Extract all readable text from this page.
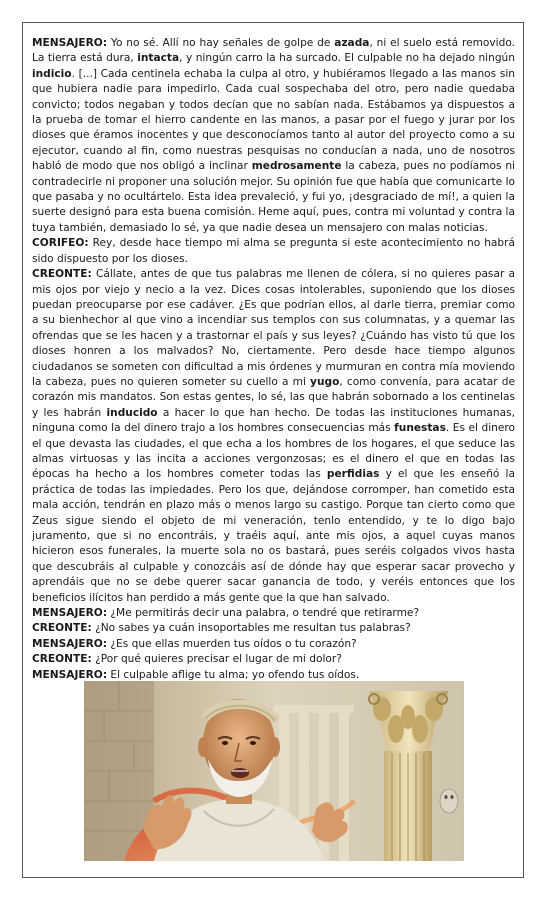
MENSAJERO: Yo no sé. Allí no hay señales de golpe de azada, ni el suelo está removido. La tierra está dura, intacta, y ningún carro la ha surcado. El culpable no ha dejado ningún indicio. [...] Cada centinela echaba la culpa al otro, y hubiéramos llegado a las manos sin que hubiera nadie para impedirlo. Cada cual sospechaba del otro, pero nadie quedaba convicto; todos negaban y todos decían que no sabían nada. Estábamos ya dispuestos a la prueba de tomar el hierro candente en las manos, a pasar por el fuego y jurar por los dioses que éramos inocentes y que desconocíamos tanto al autor del proyecto como a su ejecutor, cuando al fin, como nuestras pesquisas no conducían a nada, uno de nosotros habló de modo que nos obligó a inclinar medrosamente la cabeza, pues no podíamos ni contradecirle ni proponer una solución mejor. Su opinión fue que había que comunicarte lo que pasaba y no ocultártelo. Esta idea prevaleció, y fui yo, ¡desgraciado de mí!, a quien la suerte designó para esta buena comisión. Heme aquí, pues, contra mi voluntad y contra la tuya también, demasiado lo sé, ya que nadie desea un mensajero con malas noticias.

CORIFEO: Rey, desde hace tiempo mi alma se pregunta si este acontecimiento no habrá sido dispuesto por los dioses.

CREONTE: Cállate, antes de que tus palabras me llenen de cólera, si no quieres pasar a mis ojos por viejo y necio a la vez. Dices cosas intolerables, suponiendo que los dioses puedan preocuparse por ese cadáver. ¿Es que podrían ellos, al darle tierra, premiar como a su bienhechor al que vino a incendiar sus templos con sus columnatas, y a quemar las ofrendas que se les hacen y a trastornar el país y sus leyes? ¿Cuándo has visto tú que los dioses honren a los malvados? No, ciertamente. Pero desde hace tiempo algunos ciudadanos se someten con dificultad a mis órdenes y murmuran en contra mía moviendo la cabeza, pues no quieren someter su cuello a mi yugo, como convenía, para acatar de corazón mis mandatos. Son estas gentes, lo sé, las que habrán sobornado a los centinelas y les habrán inducido a hacer lo que han hecho. De todas las instituciones humanas, ninguna como la del dinero trajo a los hombres consecuencias más funestas. Es el dinero el que devasta las ciudades, el que echa a los hombres de los hogares, el que seduce las almas virtuosas y las incita a acciones vergonzosas; es el dinero el que en todas las épocas ha hecho a los hombres cometer todas las perfidias y el que les enseñó la práctica de todas las impiedades. Pero los que, dejándose corromper, han cometido esta mala acción, tendrán en plazo más o menos largo su castigo. Porque tan cierto como que Zeus sigue siendo el objeto de mi veneración, tenlo entendido, y te lo digo bajo juramento, que si no encontráis, y traéis aquí, ante mis ojos, a aquel cuyas manos hicieron esos funerales, la muerte sola no os bastará, pues seréis colgados vivos hasta que descubráis al culpable y conozcáis así de dónde hay que esperar sacar provecho y aprendáis que no se debe querer sacar ganancia de todo, y veréis entonces que los beneficios ilícitos han perdido a más gente que la que han salvado.

MENSAJERO: ¿Me permitirás decir una palabra, o tendré que retirarme?

CREONTE: ¿No sabes ya cuán insoportables me resultan tus palabras?

MENSAJERO: ¿Es que ellas muerden tus oídos o tu corazón?

CREONTE: ¿Por qué quieres precisar el lugar de mi dolor?

MENSAJERO: El culpable aflige tu alma; yo ofendo tus oídos.
